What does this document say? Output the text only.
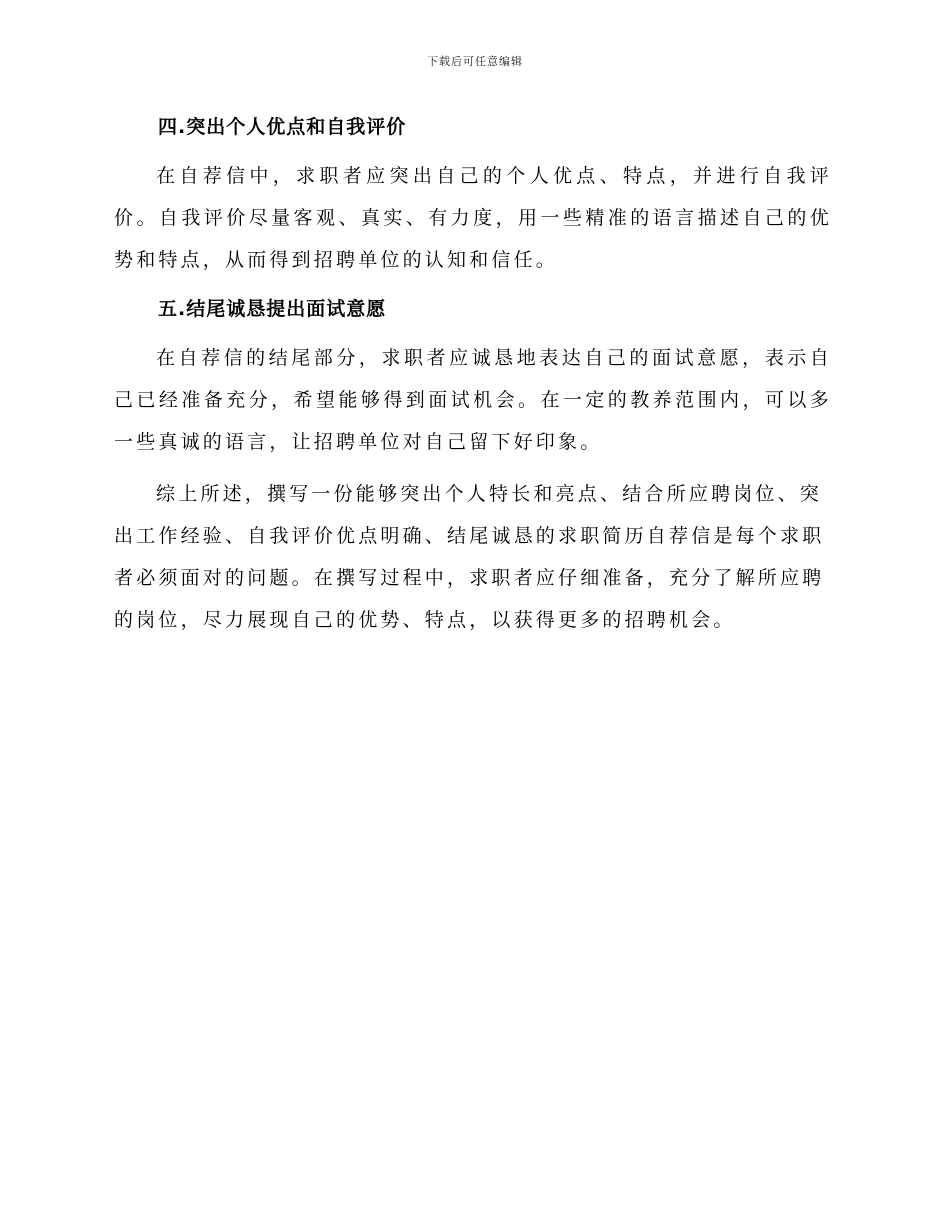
下载后可任意编辑
四.突出个人优点和自我评价

在自荐信中，求职者应突出自己的个人优点、特点，并进行自我评价。自我评价尽量客观、真实、有力度，用一些精准的语言描述自己的优势和特点，从而得到招聘单位的认知和信任。

五.结尾诚恳提出面试意愿

在自荐信的结尾部分，求职者应诚恳地表达自己的面试意愿，表示自己已经准备充分，希望能够得到面试机会。在一定的教养范围内，可以多一些真诚的语言，让招聘单位对自己留下好印象。

综上所述，撰写一份能够突出个人特长和亮点、结合所应聘岗位、突出工作经验、自我评价优点明确、结尾诚恳的求职简历自荐信是每个求职者必须面对的问题。在撰写过程中，求职者应仔细准备，充分了解所应聘的岗位，尽力展现自己的优势、特点，以获得更多的招聘机会。
